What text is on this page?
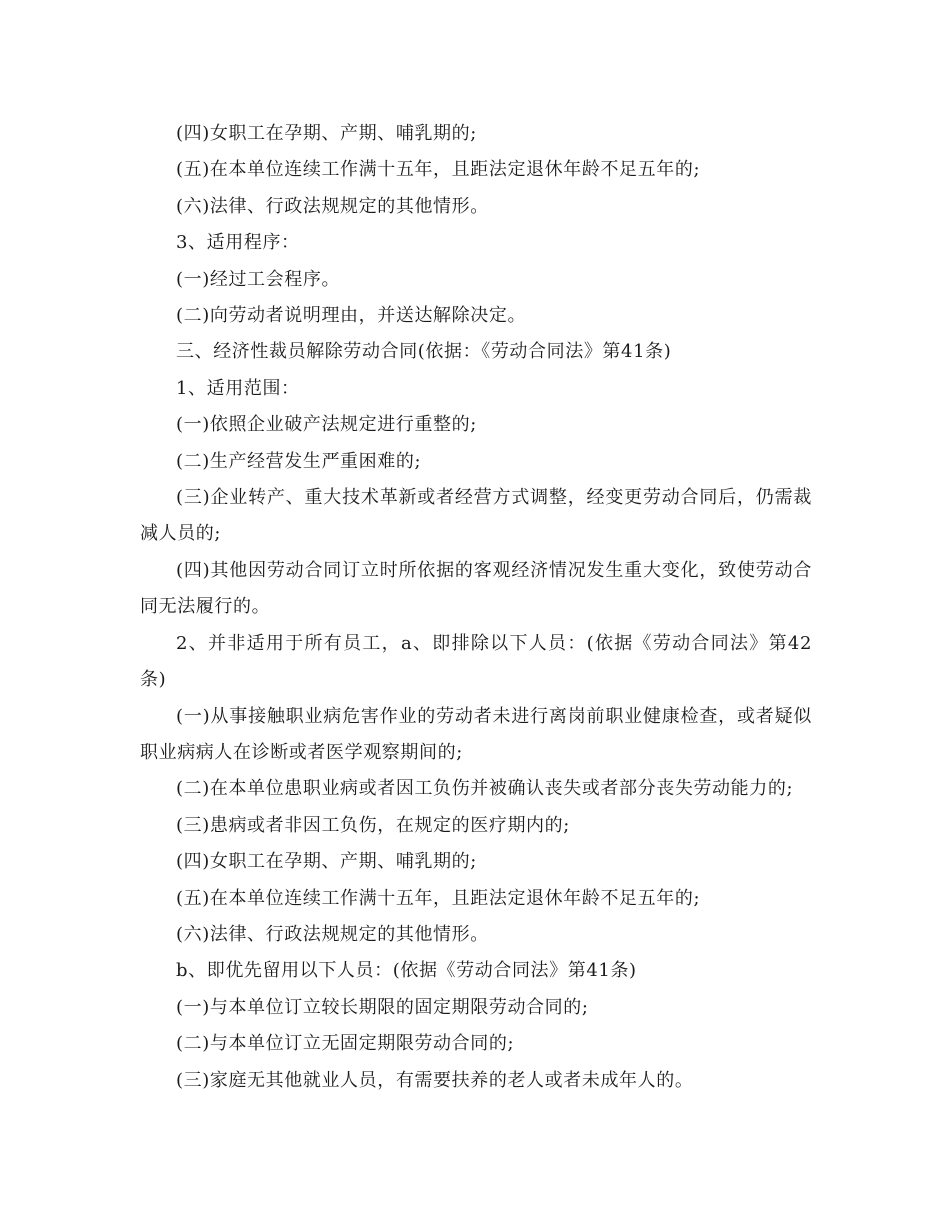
(四)女职工在孕期、产期、哺乳期的;

(五)在本单位连续工作满十五年，且距法定退休年龄不足五年的;

(六)法律、行政法规规定的其他情形。

3、适用程序：

(一)经过工会程序。

(二)向劳动者说明理由，并送达解除决定。

三、经济性裁员解除劳动合同(依据：《劳动合同法》第41条)

1、适用范围：

(一)依照企业破产法规定进行重整的;

(二)生产经营发生严重困难的;

(三)企业转产、重大技术革新或者经营方式调整，经变更劳动合同后，仍需裁减人员的;

(四)其他因劳动合同订立时所依据的客观经济情况发生重大变化，致使劳动合同无法履行的。

2、并非适用于所有员工，a、即排除以下人员：(依据《劳动合同法》第42条)

(一)从事接触职业病危害作业的劳动者未进行离岗前职业健康检查，或者疑似职业病病人在诊断或者医学观察期间的;

(二)在本单位患职业病或者因工负伤并被确认丧失或者部分丧失劳动能力的;

(三)患病或者非因工负伤，在规定的医疗期内的;

(四)女职工在孕期、产期、哺乳期的;

(五)在本单位连续工作满十五年，且距法定退休年龄不足五年的;

(六)法律、行政法规规定的其他情形。

b、即优先留用以下人员：(依据《劳动合同法》第41条)

(一)与本单位订立较长期限的固定期限劳动合同的;

(二)与本单位订立无固定期限劳动合同的;

(三)家庭无其他就业人员，有需要扶养的老人或者未成年人的。
